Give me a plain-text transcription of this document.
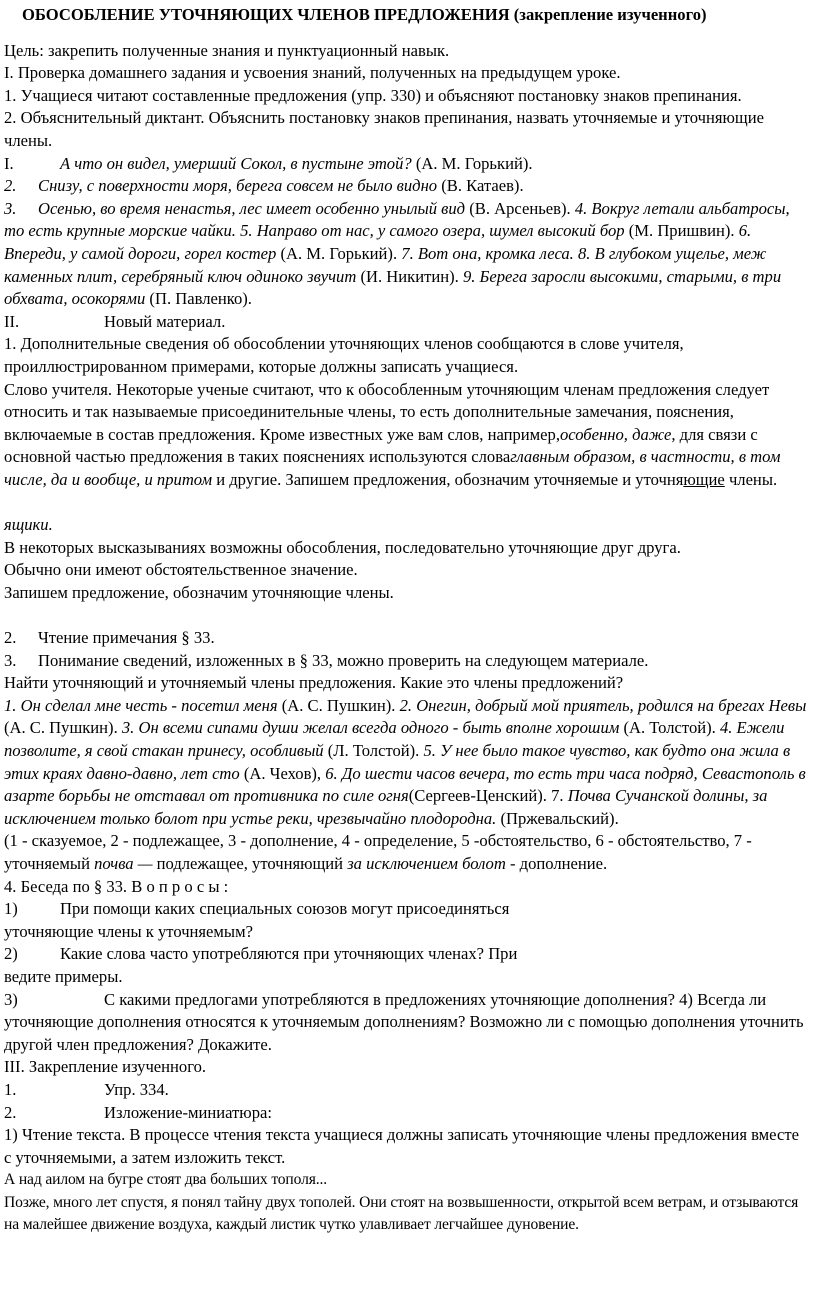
ОБОСОБЛЕНИЕ УТОЧНЯЮЩИХ ЧЛЕНОВ ПРЕДЛОЖЕНИЯ (закрепление изученного)

Цель: закрепить полученные знания и пунктуационный навык.

I. Проверка домашнего задания и усвоения знаний, полученных на предыдущем уроке.

1. Учащиеся читают составленные предложения (упр. 330) и объясняют постановку знаков препинания.

2. Объяснительный диктант. Объяснить постановку знаков препинания, назвать уточняемые и уточняющие члены.

I.	А что он видел, умерший Сокол, в пустыне этой? (А. М. Горький).

2. Снизу, с поверхности моря, берега совсем не было видно (В. Катаев).

3. Осенью, во время ненастья, лес имеет особенно унылый вид (В. Арсеньев). 4. Вокруг летали альбатросы, то есть крупные морские чайки. 5. Направо от нас, у самого озера, шумел высокий бор (М. Пришвин). 6. Впереди, у самой дороги, горел костер (А. М. Горький). 7. Вот она, кромка леса. 8. В глубоком ущелье, меж каменных плит, серебряный ключ одиноко звучит (И. Никитин). 9. Берега заросли высокими, старыми, в три обхвата, осокорями (П. Павленко).

II.	Новый материал.

1. Дополнительные сведения об обособлении уточняющих членов сообщаются в слове учителя, проиллюстрированном примерами, которые должны записать учащиеся.

Слово учителя. Некоторые ученые считают, что к обособленным уточняющим членам предложения следует относить и так называемые присоединительные члены, то есть дополнительные замечания, пояснения, включаемые в состав предложения. Кроме известных уже вам слов, например,особенно, даже, для связи с основной частью предложения в таких пояснениях используются словаглавным образом, в частности, в том числе, да и вообще, и притом и другие. Запишем предложения, обозначим уточняемые и уточняющие члены.

ящики.

В некоторых высказываниях возможны обособления, последовательно уточняющие друг друга.

Обычно они имеют обстоятельственное значение.

Запишем предложение, обозначим уточняющие члены.

2. Чтение примечания § 33.

3. Понимание сведений, изложенных в § 33, можно проверить на следующем материале.

Найти уточняющий и уточняемый члены предложения. Какие это члены предложений?

1. Он сделал мне честь - посетил меня (А. С. Пушкин). 2. Онегин, добрый мой приятель, родился на брегах Невы (А. С. Пушкин). 3. Он всеми сипами души желал всегда одного - быть вполне хорошим (А. Толстой). 4. Ежели позволите, я свой стакан принесу, особливый (Л. Толстой). 5. У нее было такое чувство, как будто она жила в этих краях давно-давно, лет сто (А. Чехов), 6. До шести часов вечера, то есть три часа подряд, Севастополь в азарте борьбы не отставал от противника по силе огня(Сергеев-Ценский). 7. Почва Сучанской долины, за исключением только болот при устье реки, чрезвычайно плодородна. (Пржевальский).

(1 - сказуемое, 2 - подлежащее, 3 - дополнение, 4 - определение, 5 -обстоятельство, 6 - обстоятельство, 7 - уточняемый почва — подлежащее, уточняющий за исключением болот - дополнение.

4. Беседа по § 33. В о п р о с ы :

1)	При помощи каких специальных союзов могут присоединяться

уточняющие члены к уточняемым?

2)	Какие слова часто употребляются при уточняющих членах? При

ведите примеры.

3)	С какими предлогами употребляются в предложениях уточняющие дополнения? 4) Всегда ли уточняющие дополнения относятся к уточняемым дополнениям? Возможно ли с помощью дополнения уточнить другой член предложения? Докажите.

III. Закрепление изученного.

1.	Упр. 334.

2.	Изложение-миниатюра:

1) Чтение текста. В процессе чтения текста учащиеся должны записать уточняющие члены предложения вместе с уточняемыми, а затем изложить текст.

А над аилом на бугре стоят два больших тополя...

Позже, много лет спустя, я понял тайну двух тополей. Они стоят на возвышенности, открытой всем ветрам, и отзываются на малейшее движение воздуха, каждый листик чутко улавливает легчайшее дуновение.
